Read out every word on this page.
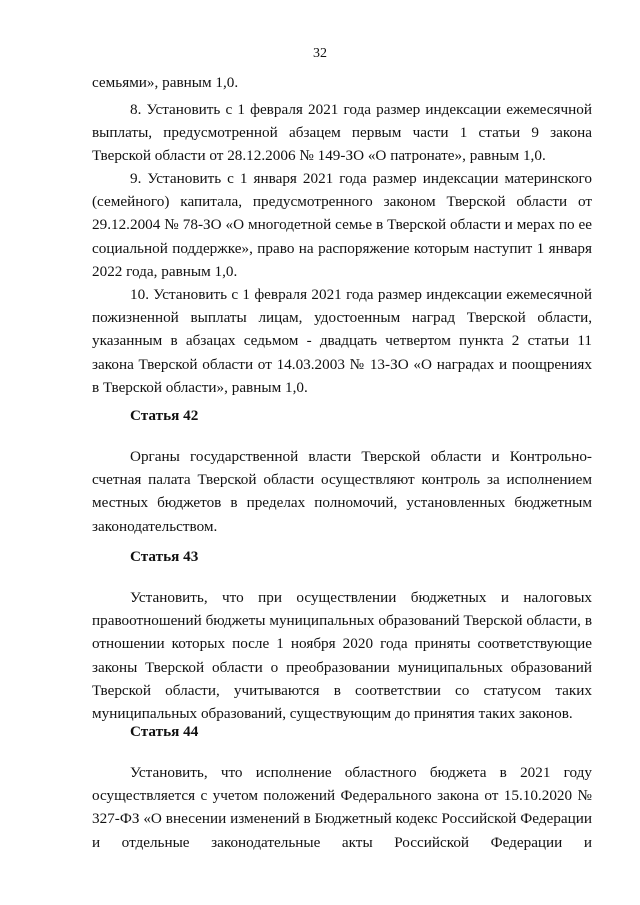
32

семьями», равным 1,0.

8. Установить с 1 февраля 2021 года размер индексации ежемесячной выплаты, предусмотренной абзацем первым части 1 статьи 9 закона Тверской области от 28.12.2006 № 149-ЗО «О патронате», равным 1,0.

9. Установить с 1 января 2021 года размер индексации материнского (семейного) капитала, предусмотренного законом Тверской области от 29.12.2004 № 78-ЗО «О многодетной семье в Тверской области и мерах по ее социальной поддержке», право на распоряжение которым наступит 1 января 2022 года, равным 1,0.

10. Установить с 1 февраля 2021 года размер индексации ежемесячной пожизненной выплаты лицам, удостоенным наград Тверской области, указанным в абзацах седьмом - двадцать четвертом пункта 2 статьи 11 закона Тверской области от 14.03.2003 № 13-ЗО «О наградах и поощрениях в Тверской области», равным 1,0.

Статья 42

Органы государственной власти Тверской области и Контрольно-счетная палата Тверской области осуществляют контроль за исполнением местных бюджетов в пределах полномочий, установленных бюджетным законодательством.

Статья 43

Установить, что при осуществлении бюджетных и налоговых правоотношений бюджеты муниципальных образований Тверской области, в отношении которых после 1 ноября 2020 года приняты соответствующие законы Тверской области о преобразовании муниципальных образований Тверской области, учитываются в соответствии со статусом таких муниципальных образований, существующим до принятия таких законов.

Статья 44

Установить, что исполнение областного бюджета в 2021 году осуществляется с учетом положений Федерального закона от 15.10.2020 № 327-ФЗ «О внесении изменений в Бюджетный кодекс Российской Федерации и отдельные законодательные акты Российской Федерации и
